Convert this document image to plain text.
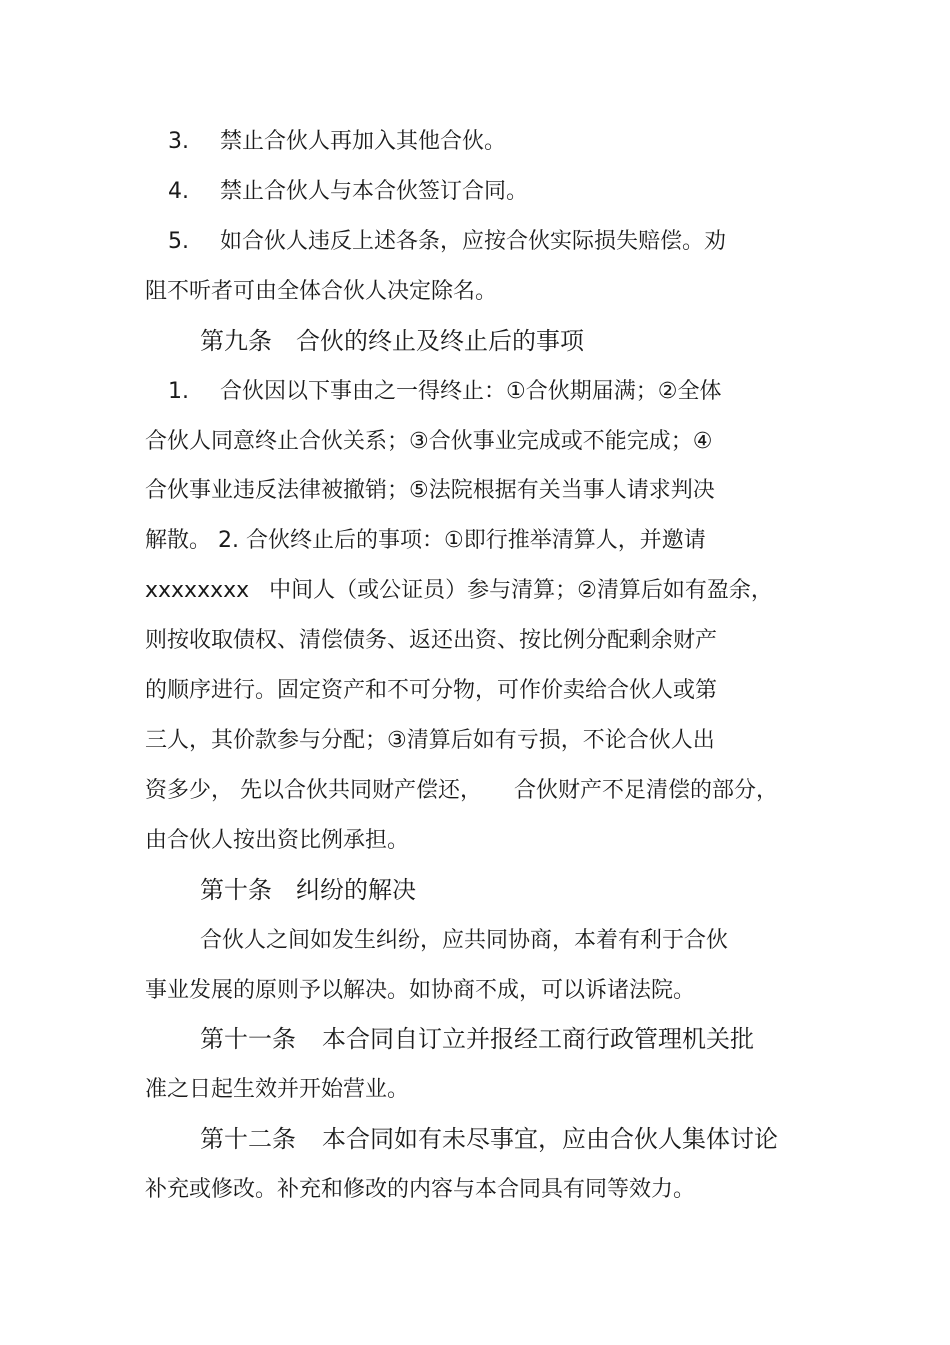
3. 禁止合伙人再加入其他合伙。
4. 禁止合伙人与本合伙签订合同。
5. 如合伙人违反上述各条，应按合伙实际损失赔偿。劝
阻不听者可由全体合伙人决定除名。
第九条 合伙的终止及终止后的事项
1. 合伙因以下事由之一得终止：①合伙期届满；②全体
合伙人同意终止合伙关系；③合伙事业完成或不能完成；④
合伙事业违反法律被撤销；⑤法院根据有关当事人请求判决
解散。 2. 合伙终止后的事项：①即行推举清算人，并邀请
xxxxxxxx 中间人（或公证员）参与清算；②清算后如有盈余，
则按收取债权、清偿债务、返还出资、按比例分配剩余财产
的顺序进行。固定资产和不可分物，可作价卖给合伙人或第
三人，其价款参与分配；③清算后如有亏损，不论合伙人出
资多少， 先以合伙共同财产偿还， 合伙财产不足清偿的部分，
由合伙人按出资比例承担。
第十条 纠纷的解决
合伙人之间如发生纠纷，应共同协商，本着有利于合伙
事业发展的原则予以解决。如协商不成，可以诉诸法院。
第十一条 本合同自订立并报经工商行政管理机关批
准之日起生效并开始营业。
第十二条 本合同如有未尽事宜，应由合伙人集体讨论
补充或修改。补充和修改的内容与本合同具有同等效力。
